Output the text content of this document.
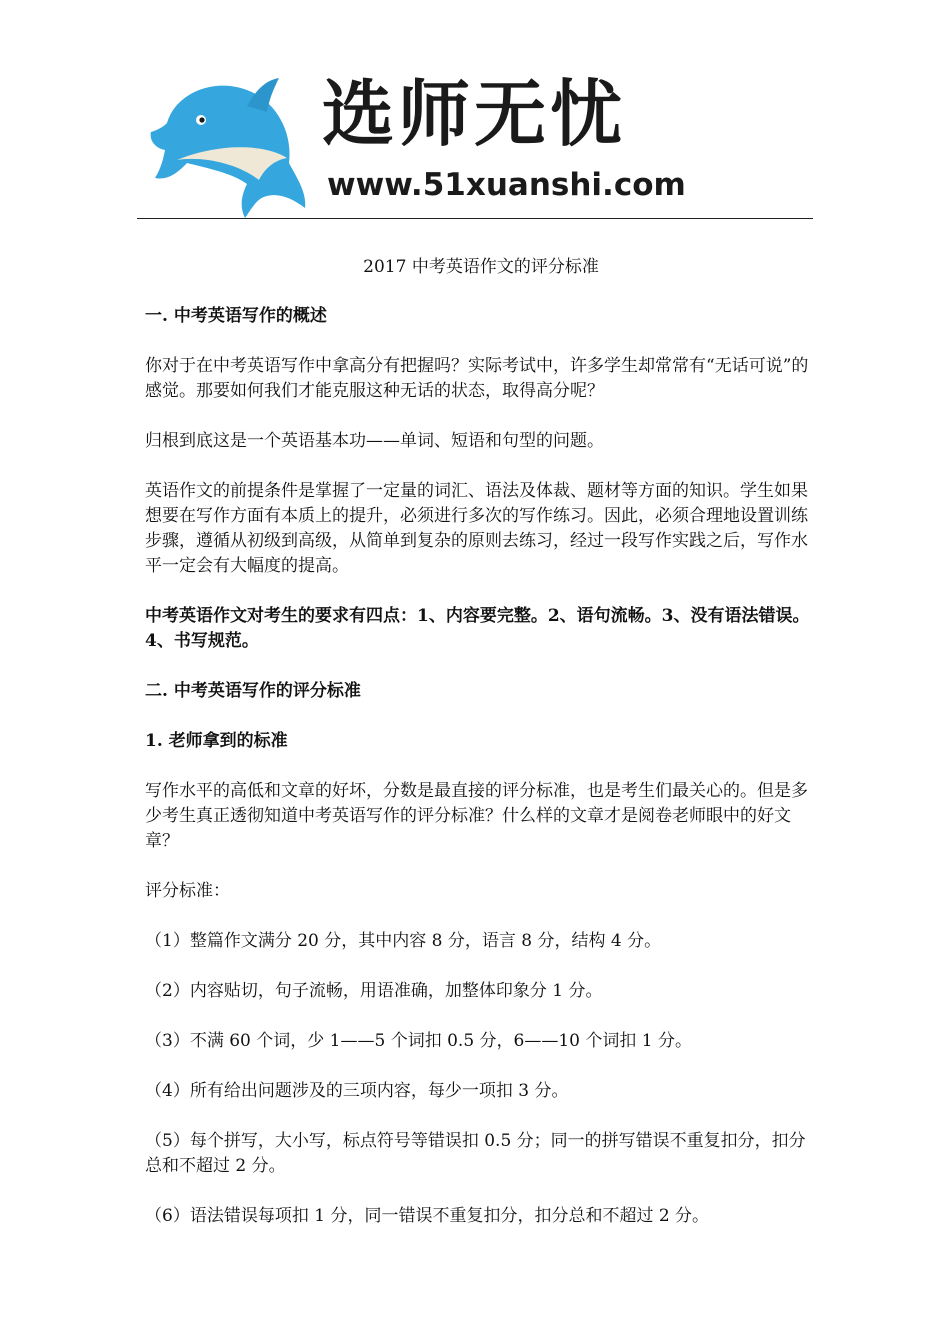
选师无忧
www.51xuanshi.com
2017 中考英语作文的评分标准
一. 中考英语写作的概述
你对于在中考英语写作中拿高分有把握吗？实际考试中，许多学生却常常有“无话可说”的感觉。那要如何我们才能克服这种无话的状态，取得高分呢？
归根到底这是一个英语基本功——单词、短语和句型的问题。
英语作文的前提条件是掌握了一定量的词汇、语法及体裁、题材等方面的知识。学生如果想要在写作方面有本质上的提升，必须进行多次的写作练习。因此，必须合理地设置训练步骤，遵循从初级到高级，从简单到复杂的原则去练习，经过一段写作实践之后，写作水平一定会有大幅度的提高。
中考英语作文对考生的要求有四点：1、内容要完整。2、语句流畅。3、没有语法错误。4、书写规范。
二. 中考英语写作的评分标准
1. 老师拿到的标准
写作水平的高低和文章的好坏，分数是最直接的评分标准，也是考生们最关心的。但是多少考生真正透彻知道中考英语写作的评分标准？什么样的文章才是阅卷老师眼中的好文章？
评分标准：
（1）整篇作文满分 20 分，其中内容 8 分，语言 8 分，结构 4 分。
（2）内容贴切，句子流畅，用语准确，加整体印象分 1 分。
（3）不满 60 个词，少 1——5 个词扣 0.5 分，6——10 个词扣 1 分。
（4）所有给出问题涉及的三项内容，每少一项扣 3 分。
（5）每个拼写，大小写，标点符号等错误扣 0.5 分；同一的拼写错误不重复扣分，扣分总和不超过 2 分。
（6）语法错误每项扣 1 分，同一错误不重复扣分，扣分总和不超过 2 分。
